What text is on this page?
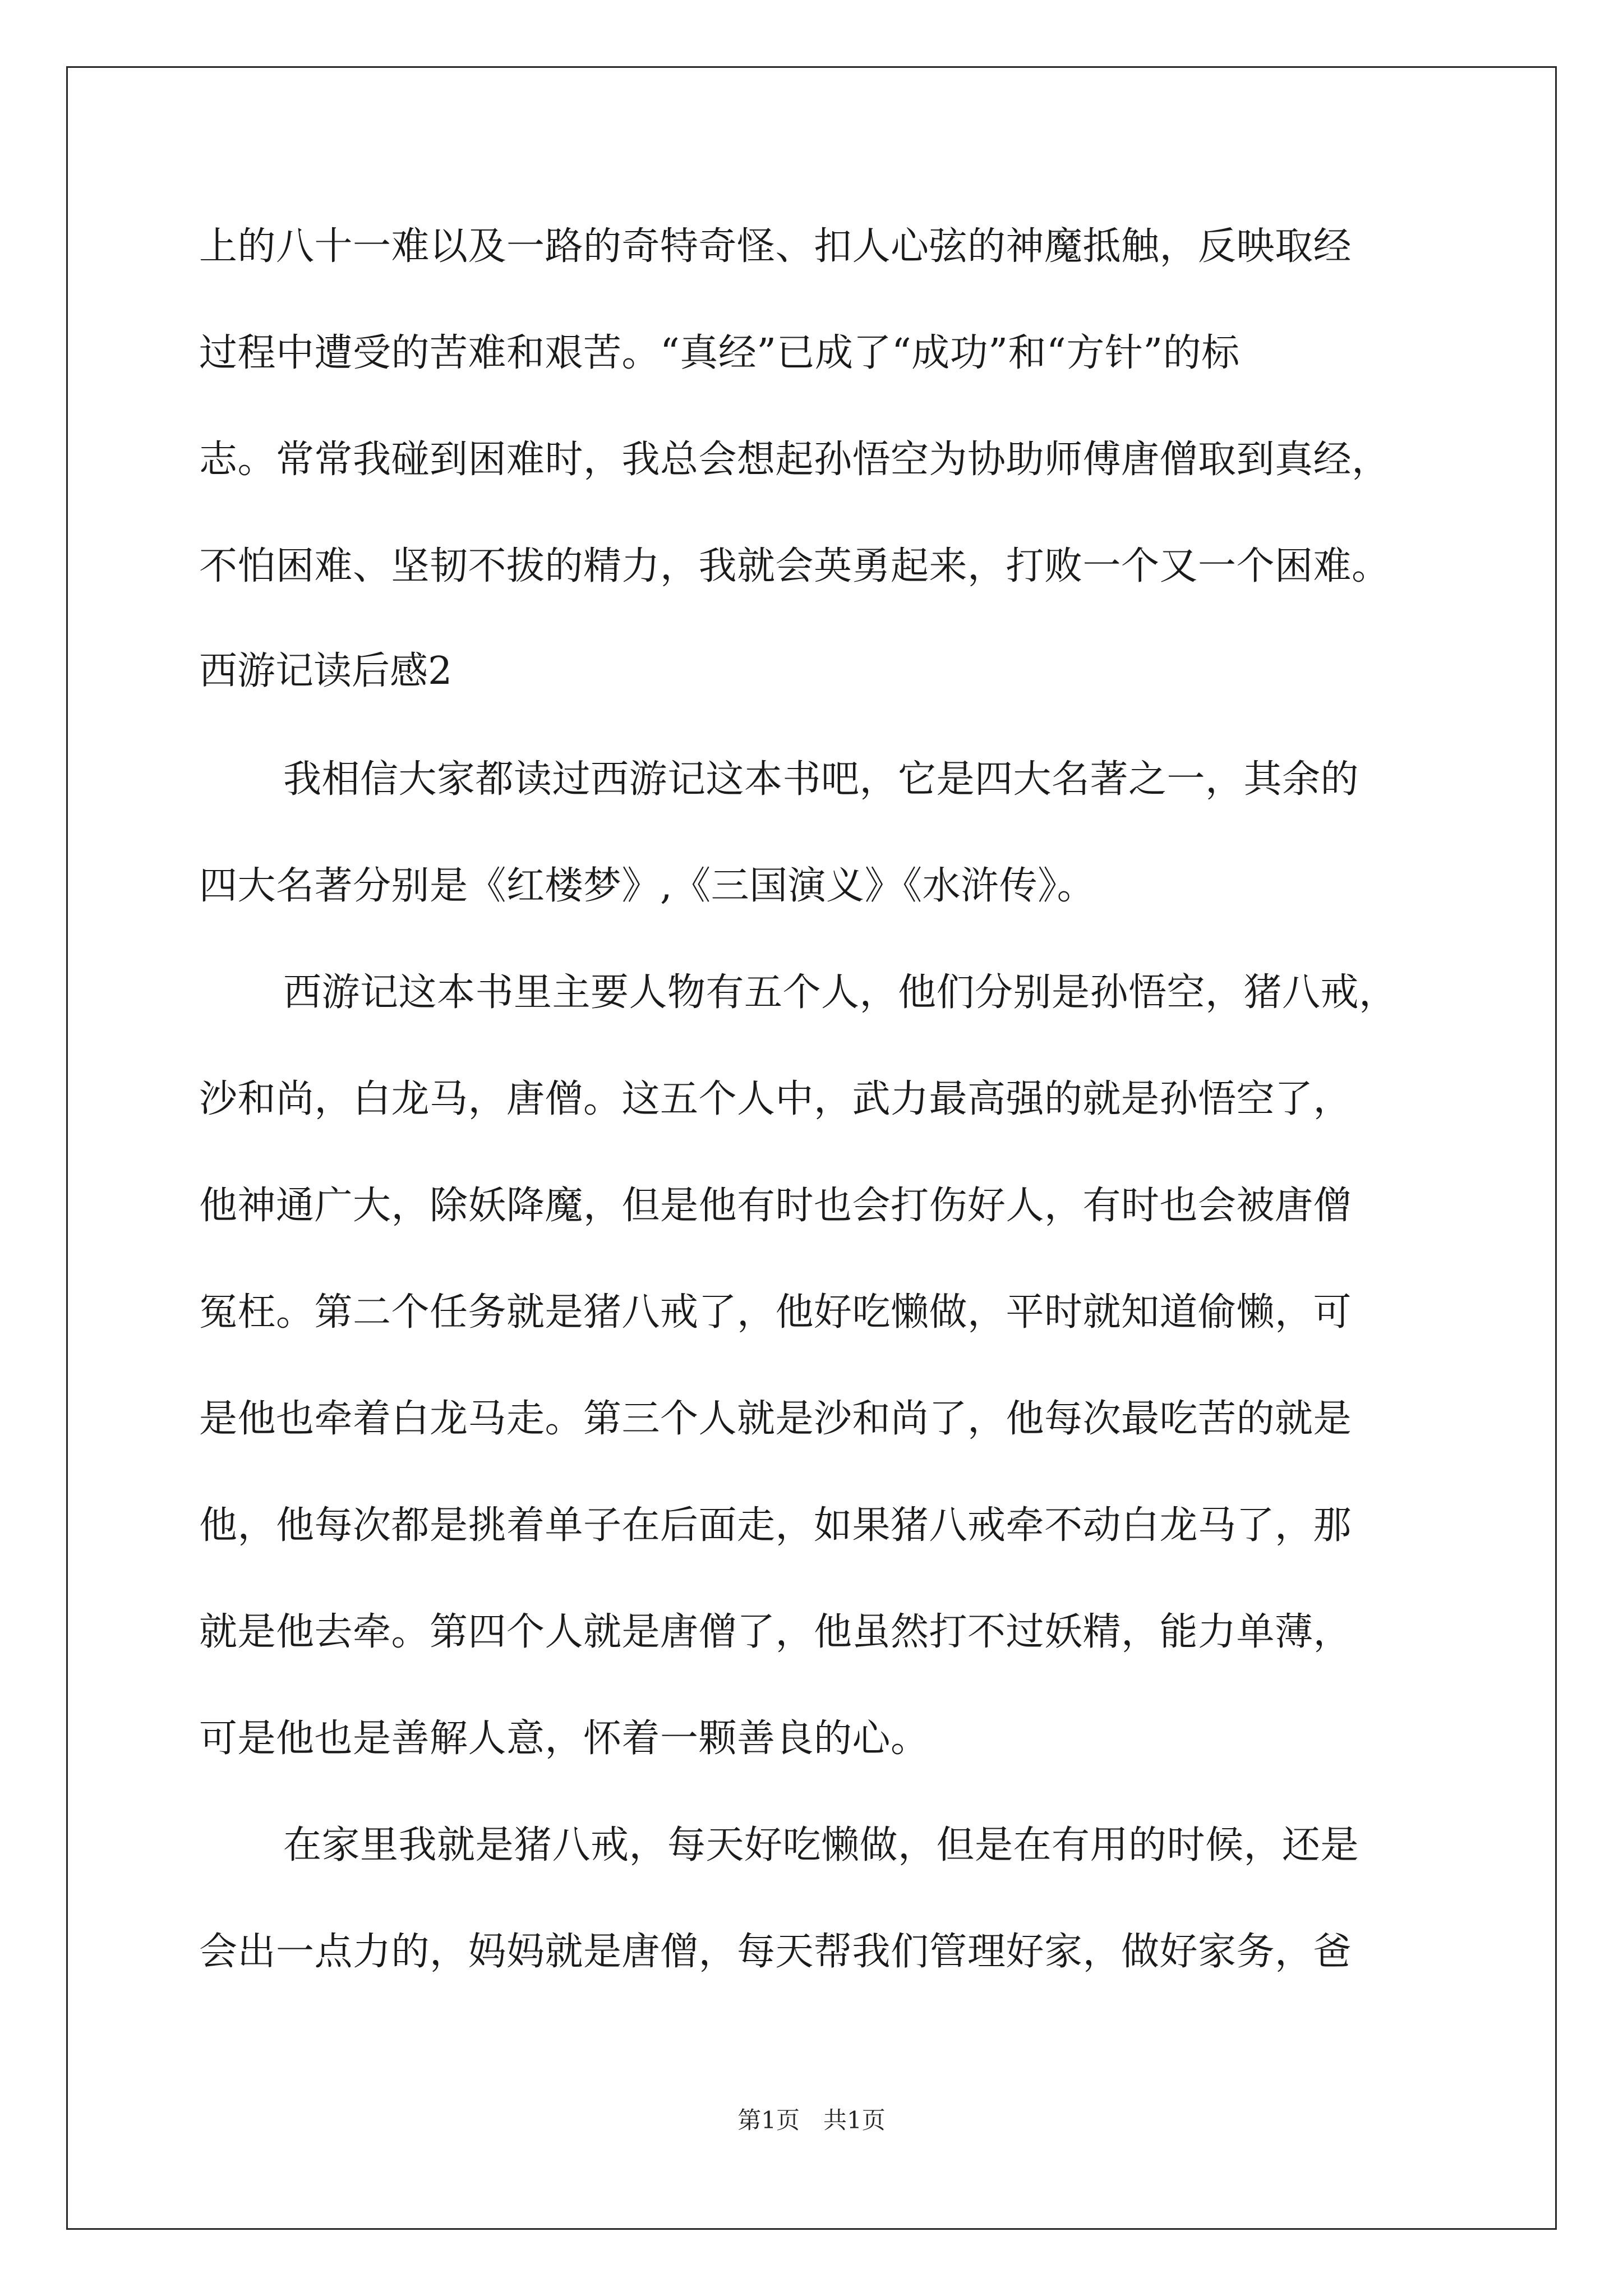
上的八十一难以及一路的奇特奇怪、扣人心弦的神魔抵触，反映取经
过程中遭受的苦难和艰苦。“真经”已成了“成功”和“方针”的标
志。常常我碰到困难时，我总会想起孙悟空为协助师傅唐僧取到真经，
不怕困难、坚韧不拔的精力，我就会英勇起来，打败一个又一个困难。
西游记读后感2
我相信大家都读过西游记这本书吧，它是四大名著之一，其余的
四大名著分别是《红楼梦》,《三国演义》《水浒传》。
西游记这本书里主要人物有五个人，他们分别是孙悟空，猪八戒，
沙和尚，白龙马，唐僧。这五个人中，武力最高强的就是孙悟空了，
他神通广大，除妖降魔，但是他有时也会打伤好人，有时也会被唐僧
冤枉。第二个任务就是猪八戒了，他好吃懒做，平时就知道偷懒，可
是他也牵着白龙马走。第三个人就是沙和尚了，他每次最吃苦的就是
他，他每次都是挑着单子在后面走，如果猪八戒牵不动白龙马了，那
就是他去牵。第四个人就是唐僧了，他虽然打不过妖精，能力单薄，
可是他也是善解人意，怀着一颗善良的心。
在家里我就是猪八戒，每天好吃懒做，但是在有用的时候，还是
会出一点力的，妈妈就是唐僧，每天帮我们管理好家，做好家务，爸
第1页　共1页
